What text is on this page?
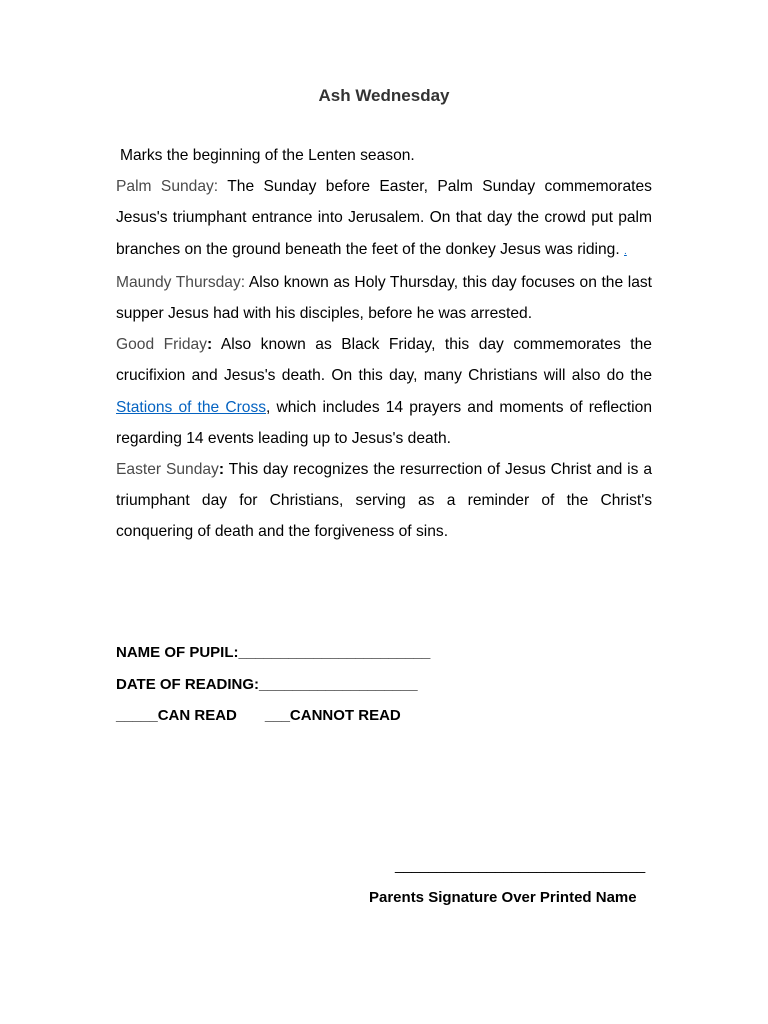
Ash Wednesday

Marks the beginning of the Lenten season.

Palm Sunday: The Sunday before Easter, Palm Sunday commemorates Jesus's triumphant entrance into Jerusalem. On that day the crowd put palm branches on the ground beneath the feet of the donkey Jesus was riding. .

Maundy Thursday: Also known as Holy Thursday, this day focuses on the last supper Jesus had with his disciples, before he was arrested.

Good Friday: Also known as Black Friday, this day commemorates the crucifixion and Jesus's death. On this day, many Christians will also do the Stations of the Cross, which includes 14 prayers and moments of reflection regarding 14 events leading up to Jesus's death.

Easter Sunday: This day recognizes the resurrection of Jesus Christ and is a triumphant day for Christians, serving as a reminder of the Christ's conquering of death and the forgiveness of sins.

NAME OF PUPIL:_______________________
DATE OF READING:___________________
_____CAN READ ___CANNOT READ
______________________________
Parents Signature Over Printed Name
